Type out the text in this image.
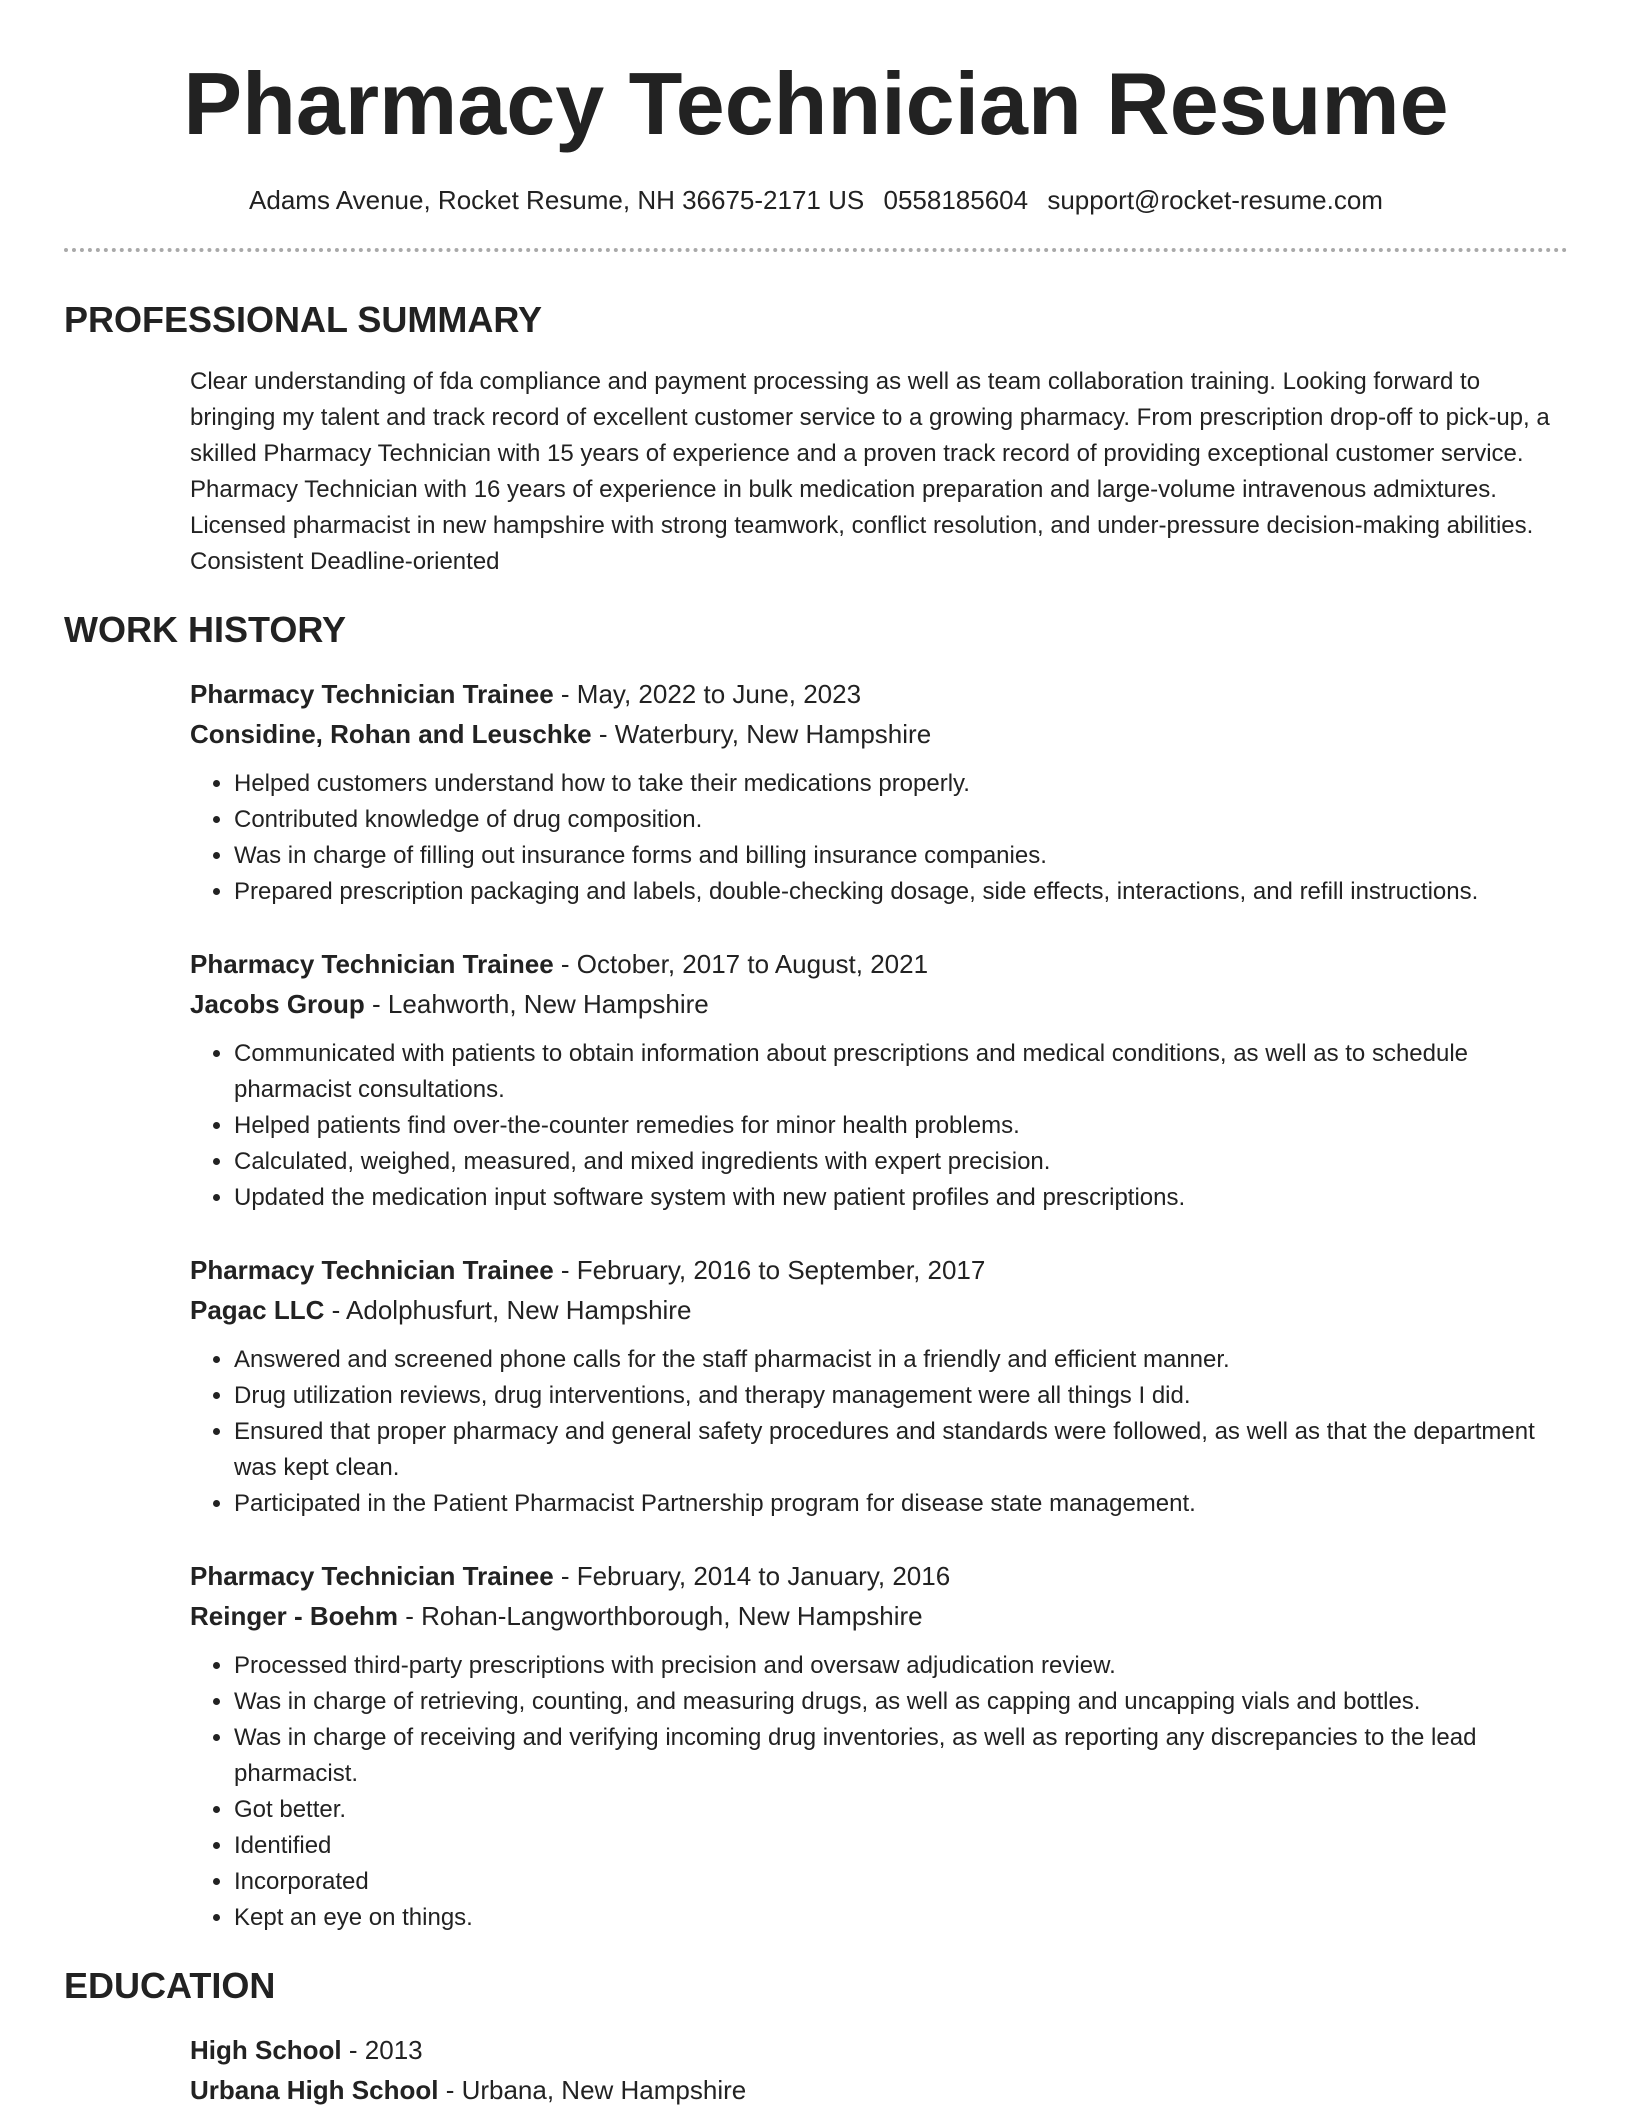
Pharmacy Technician Resume
Adams Avenue, Rocket Resume, NH 36675-2171 US 0558185604 support@rocket-resume.com
PROFESSIONAL SUMMARY

Clear understanding of fda compliance and payment processing as well as team collaboration training. Looking forward to bringing my talent and track record of excellent customer service to a growing pharmacy. From prescription drop-off to pick-up, a skilled Pharmacy Technician with 15 years of experience and a proven track record of providing exceptional customer service. Pharmacy Technician with 16 years of experience in bulk medication preparation and large-volume intravenous admixtures. Licensed pharmacist in new hampshire with strong teamwork, conflict resolution, and under-pressure decision-making abilities. Consistent Deadline-oriented

WORK HISTORY
Pharmacy Technician Trainee - May, 2022 to June, 2023
Considine, Rohan and Leuschke - Waterbury, New Hampshire
• Helped customers understand how to take their medications properly.
• Contributed knowledge of drug composition.
• Was in charge of filling out insurance forms and billing insurance companies.
• Prepared prescription packaging and labels, double-checking dosage, side effects, interactions, and refill instructions.
Pharmacy Technician Trainee - October, 2017 to August, 2021
Jacobs Group - Leahworth, New Hampshire
• Communicated with patients to obtain information about prescriptions and medical conditions, as well as to schedule pharmacist consultations.
• Helped patients find over-the-counter remedies for minor health problems.
• Calculated, weighed, measured, and mixed ingredients with expert precision.
• Updated the medication input software system with new patient profiles and prescriptions.
Pharmacy Technician Trainee - February, 2016 to September, 2017
Pagac LLC - Adolphusfurt, New Hampshire
• Answered and screened phone calls for the staff pharmacist in a friendly and efficient manner.
• Drug utilization reviews, drug interventions, and therapy management were all things I did.
• Ensured that proper pharmacy and general safety procedures and standards were followed, as well as that the department was kept clean.
• Participated in the Patient Pharmacist Partnership program for disease state management.
Pharmacy Technician Trainee - February, 2014 to January, 2016
Reinger - Boehm - Rohan-Langworthborough, New Hampshire
• Processed third-party prescriptions with precision and oversaw adjudication review.
• Was in charge of retrieving, counting, and measuring drugs, as well as capping and uncapping vials and bottles.
• Was in charge of receiving and verifying incoming drug inventories, as well as reporting any discrepancies to the lead pharmacist.
• Got better.
• Identified
• Incorporated
• Kept an eye on things.
EDUCATION
High School - 2013
Urbana High School - Urbana, New Hampshire
